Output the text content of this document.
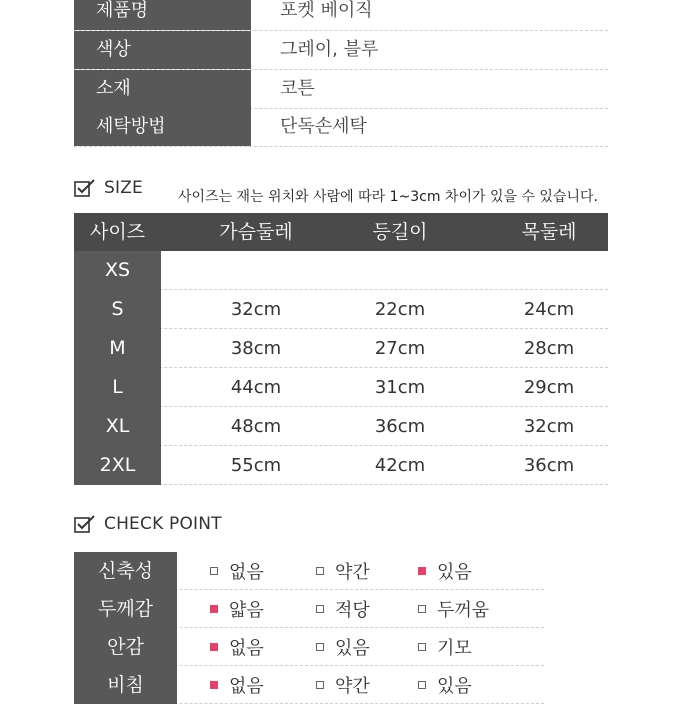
제품명	포켓 베이직
색상	그레이, 블루
소재	코튼
세탁방법	단독손세탁
SIZE	사이즈는 재는 위치와 사람에 따라 1~3cm 차이가 있을 수 있습니다.
사이즈	가슴둘레	등길이	목둘레
XS
S	32cm	22cm	24cm
M	38cm	27cm	28cm
L	44cm	31cm	29cm
XL	48cm	36cm	32cm
2XL	55cm	42cm	36cm
CHECK POINT
신축성	없음	약간	있음
두께감	얇음	적당	두꺼움
안감	없음	있음	기모
비침	없음	약간	있음
